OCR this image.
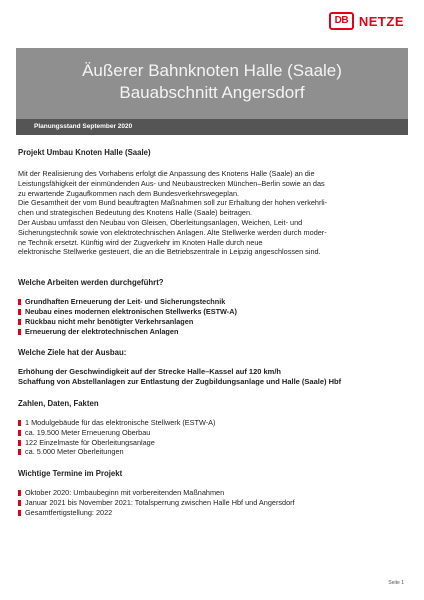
DB NETZE
Äußerer Bahnknoten Halle (Saale)
Bauabschnitt Angersdorf
Planungsstand September 2020
Projekt Umbau Knoten Halle (Saale)
Mit der Realisierung des Vorhabens erfolgt die Anpassung des Knotens Halle (Saale) an die
Leistungsfähigkeit der einmündenden Aus- und Neubaustrecken München–Berlin sowie an das
zu erwartende Zugaufkommen nach dem Bundesverkehrswegeplan.
Die Gesamtheit der vom Bund beauftragten Maßnahmen soll zur Erhaltung der hohen verkehrli-
chen und strategischen Bedeutung des Knotens Halle (Saale) beitragen.
Der Ausbau umfasst den Neubau von Gleisen, Oberleitungsanlagen, Weichen, Leit- und
Sicherungstechnik sowie von elektrotechnischen Anlagen. Alte Stellwerke werden durch moder-
ne Technik ersetzt. Künftig wird der Zugverkehr im Knoten Halle durch neue
elektronische Stellwerke gesteuert, die an die Betriebszentrale in Leipzig angeschlossen sind.
Welche Arbeiten werden durchgeführt?
Grundhaften Erneuerung der Leit- und Sicherungstechnik
Neubau eines modernen elektronischen Stellwerks (ESTW-A)
Rückbau nicht mehr benötigter Verkehrsanlagen
Erneuerung der elektrotechnischen Anlagen
Welche Ziele hat der Ausbau:
Erhöhung der Geschwindigkeit auf der Strecke Halle–Kassel auf 120 km/h
Schaffung von Abstellanlagen zur Entlastung der Zugbildungsanlage und Halle (Saale) Hbf
Zahlen, Daten, Fakten
1 Modulgebäude für das elektronische Stellwerk (ESTW-A)
ca. 19.500 Meter Erneuerung Oberbau
122 Einzelmaste für Oberleitungsanlage
ca. 5.000 Meter Oberleitungen
Wichtige Termine im Projekt
Oktober 2020: Umbaubeginn mit vorbereitenden Maßnahmen
Januar 2021 bis November 2021: Totalsperrung zwischen Halle Hbf und Angersdorf
Gesamtfertigstellung: 2022
Seite 1
